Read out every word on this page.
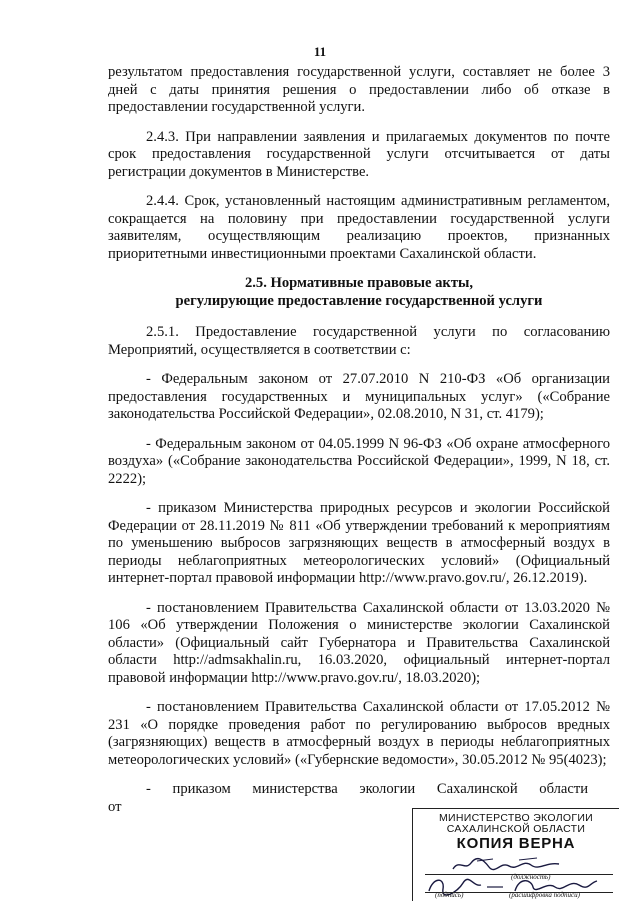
11

результатом предоставления государственной услуги, составляет не более 3 дней с даты принятия решения о предоставлении либо об отказе в предоставлении государственной услуги.

2.4.3. При направлении заявления и прилагаемых документов по почте срок предоставления государственной услуги отсчитывается от даты регистрации документов в Министерстве.

2.4.4. Срок, установленный настоящим административным регламентом, сокращается на половину при предоставлении государственной услуги заявителям, осуществляющим реализацию проектов, признанных приоритетными инвестиционными проектами Сахалинской области.

2.5. Нормативные правовые акты,
регулирующие предоставление государственной услуги

2.5.1. Предоставление государственной услуги по согласованию Мероприятий, осуществляется в соответствии с:

- Федеральным законом от 27.07.2010 N 210-ФЗ «Об организации предоставления государственных и муниципальных услуг» («Собрание законодательства Российской Федерации», 02.08.2010, N 31, ст. 4179);

- Федеральным законом от 04.05.1999 N 96-ФЗ «Об охране атмосферного воздуха» («Собрание законодательства Российской Федерации», 1999, N 18, ст. 2222);

- приказом Министерства природных ресурсов и экологии Российской Федерации от 28.11.2019 № 811 «Об утверждении требований к мероприятиям по уменьшению выбросов загрязняющих веществ в атмосферный воздух в периоды неблагоприятных метеорологических условий» (Официальный интернет-портал правовой информации http://www.pravo.gov.ru/, 26.12.2019).

- постановлением Правительства Сахалинской области от 13.03.2020 № 106 «Об утверждении Положения о министерстве экологии Сахалинской области» (Официальный сайт Губернатора и Правительства Сахалинской области http://admsakhalin.ru, 16.03.2020, официальный интернет-портал правовой информации http://www.pravo.gov.ru/, 18.03.2020);

- постановлением Правительства Сахалинской области от 17.05.2012 № 231 «О порядке проведения работ по регулированию выбросов вредных (загрязняющих) веществ в атмосферный воздух в периоды неблагоприятных метеорологических условий» («Губернские ведомости», 30.05.2012 № 95(4023);

- приказом министерства экологии Сахалинской области от

МИНИСТЕРСТВО ЭКОЛОГИИ
САХАЛИНСКОЙ ОБЛАСТИ
КОПИЯ ВЕРНА
(должность)
(подпись)	(расшифровка подписи)
